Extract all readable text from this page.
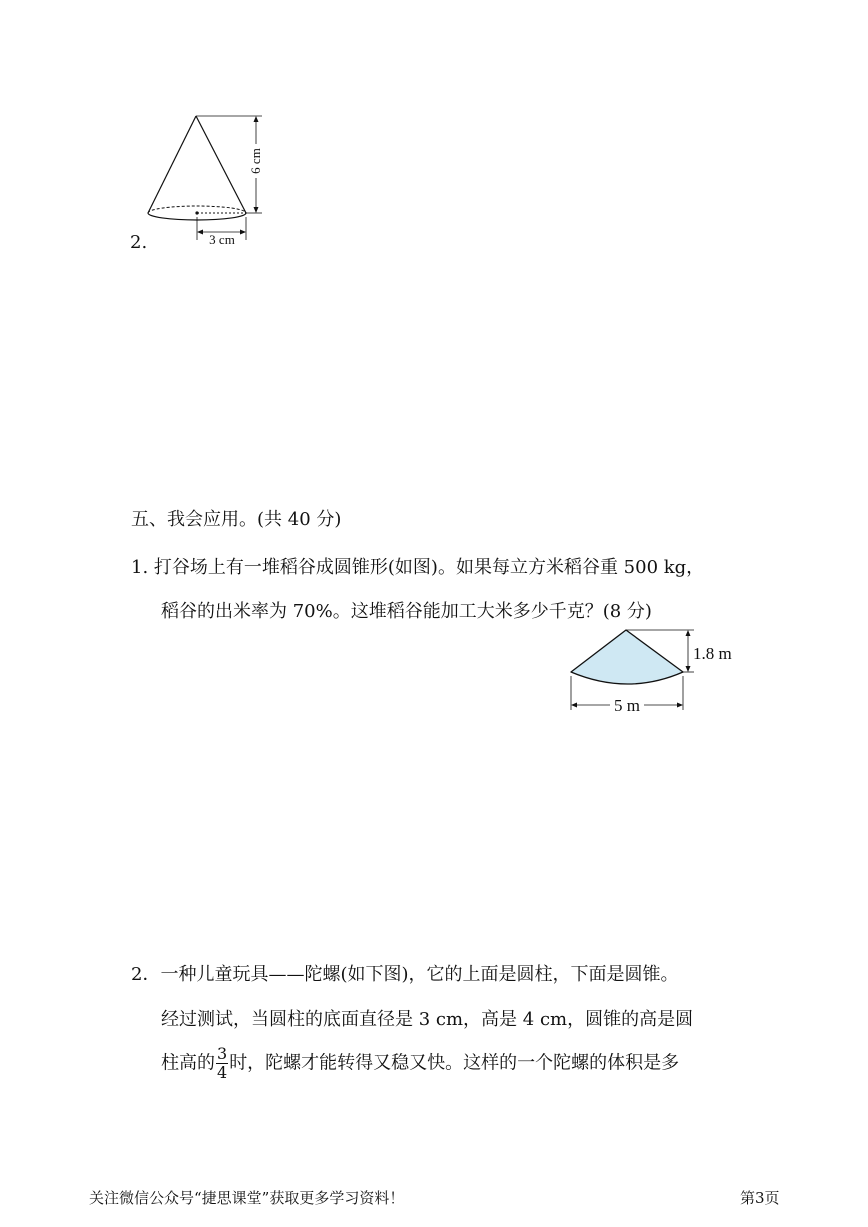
2.
6 cm
3 cm
五、我会应用。(共 40 分)
1. 打谷场上有一堆稻谷成圆锥形(如图)。如果每立方米稻谷重 500 kg，
稻谷的出米率为 70%。这堆稻谷能加工大米多少千克？(8 分)
1.8 m
5 m
2．一种儿童玩具——陀螺(如下图)，它的上面是圆柱，下面是圆锥。
经过测试，当圆柱的底面直径是 3 cm，高是 4 cm，圆锥的高是圆
柱高的 $\frac{3}{4}$ 时，陀螺才能转得又稳又快。这样的一个陀螺的体积是多
关注微信公众号“捷思课堂”获取更多学习资料！	第3页
